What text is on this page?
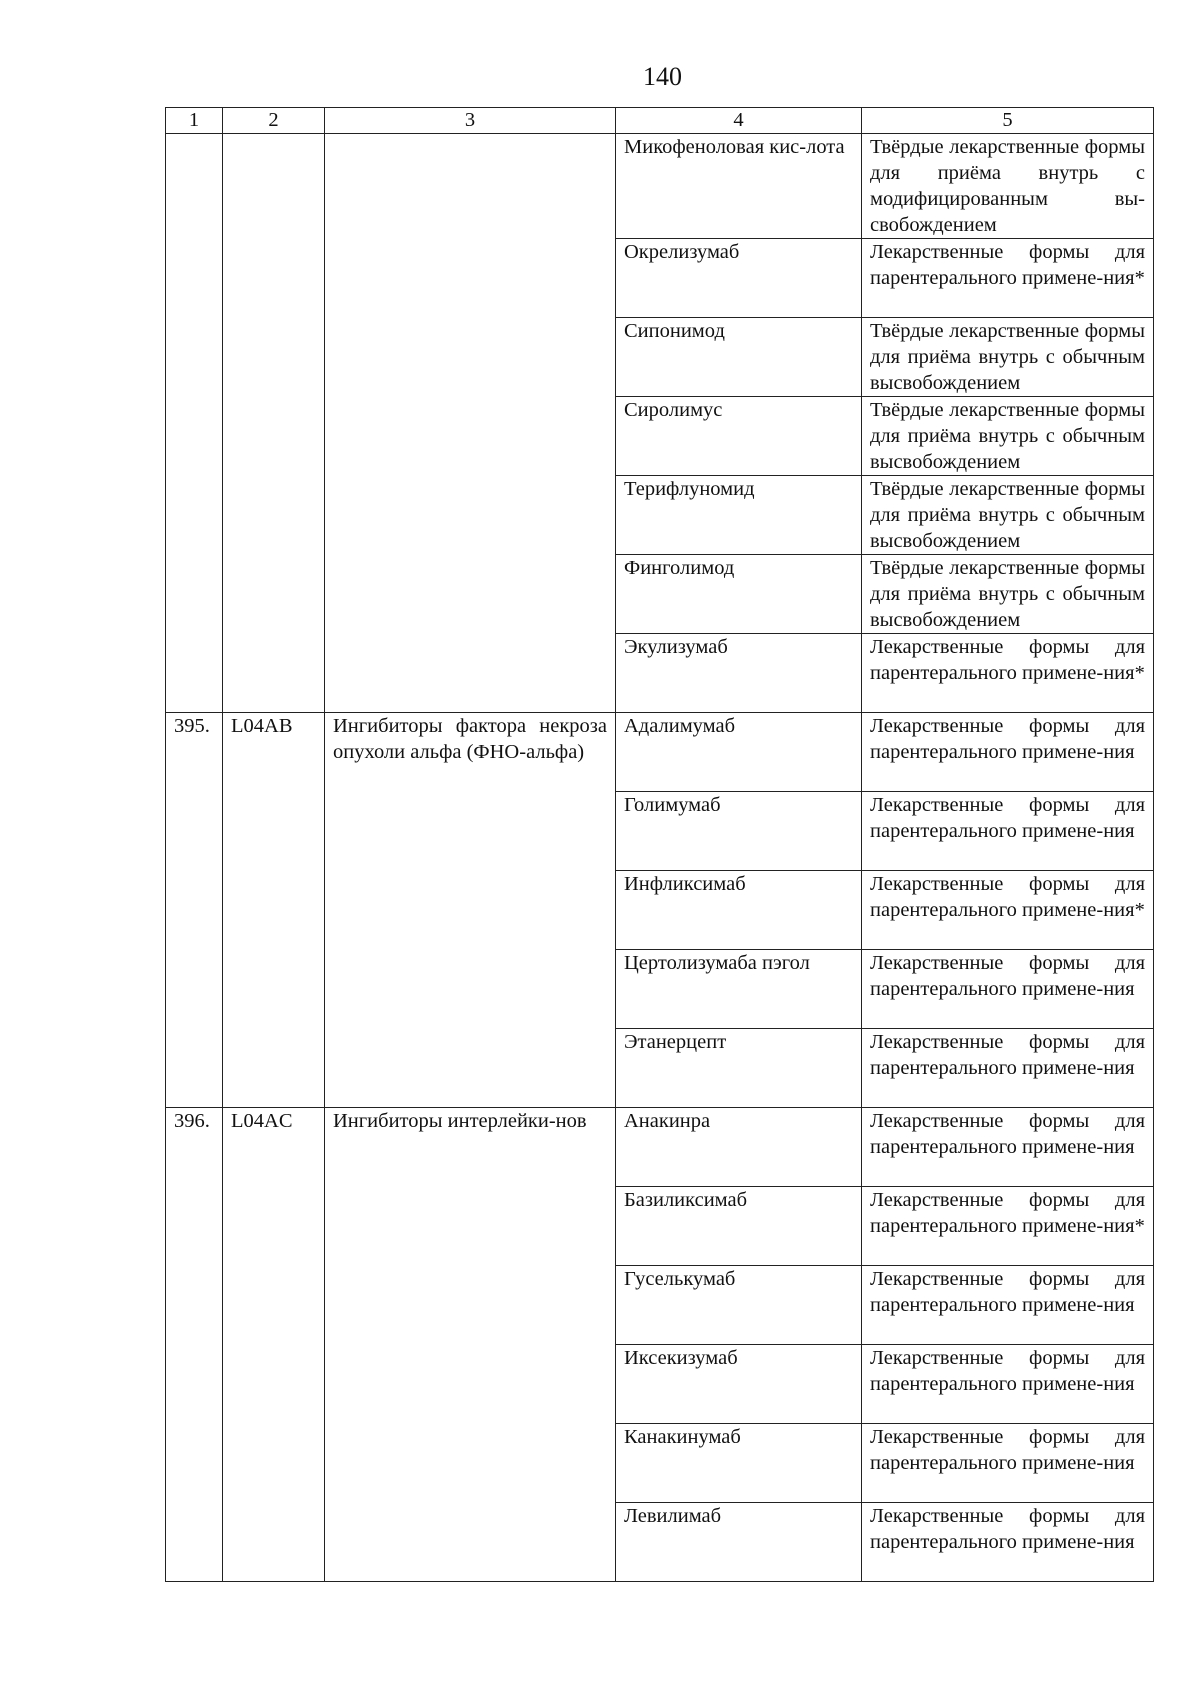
140
1	2	3	4	5
			Микофеноловая кис-лота	Твёрдые лекарственные формы для приёма внутрь с модифицированным вы-свобождением
			Окрелизумаб	Лекарственные формы для парентерального примене-ния*
			Сипонимод	Твёрдые лекарственные формы для приёма внутрь с обычным высвобождением
			Сиролимус	Твёрдые лекарственные формы для приёма внутрь с обычным высвобождением
			Терифлуномид	Твёрдые лекарственные формы для приёма внутрь с обычным высвобождением
			Финголимод	Твёрдые лекарственные формы для приёма внутрь с обычным высвобождением
			Экулизумаб	Лекарственные формы для парентерального примене-ния*
395.	L04AB	Ингибиторы фактора некроза опухоли альфа (ФНО-альфа)	Адалимумаб	Лекарственные формы для парентерального примене-ния
			Голимумаб	Лекарственные формы для парентерального примене-ния
			Инфликсимаб	Лекарственные формы для парентерального примене-ния*
			Цертолизумаба пэгол	Лекарственные формы для парентерального примене-ния
			Этанерцепт	Лекарственные формы для парентерального примене-ния
396.	L04AC	Ингибиторы интерлейки-нов	Анакинра	Лекарственные формы для парентерального примене-ния
			Базиликсимаб	Лекарственные формы для парентерального примене-ния*
			Гуселькумаб	Лекарственные формы для парентерального примене-ния
			Иксекизумаб	Лекарственные формы для парентерального примене-ния
			Канакинумаб	Лекарственные формы для парентерального примене-ния
			Левилимаб	Лекарственные формы для парентерального примене-ния
